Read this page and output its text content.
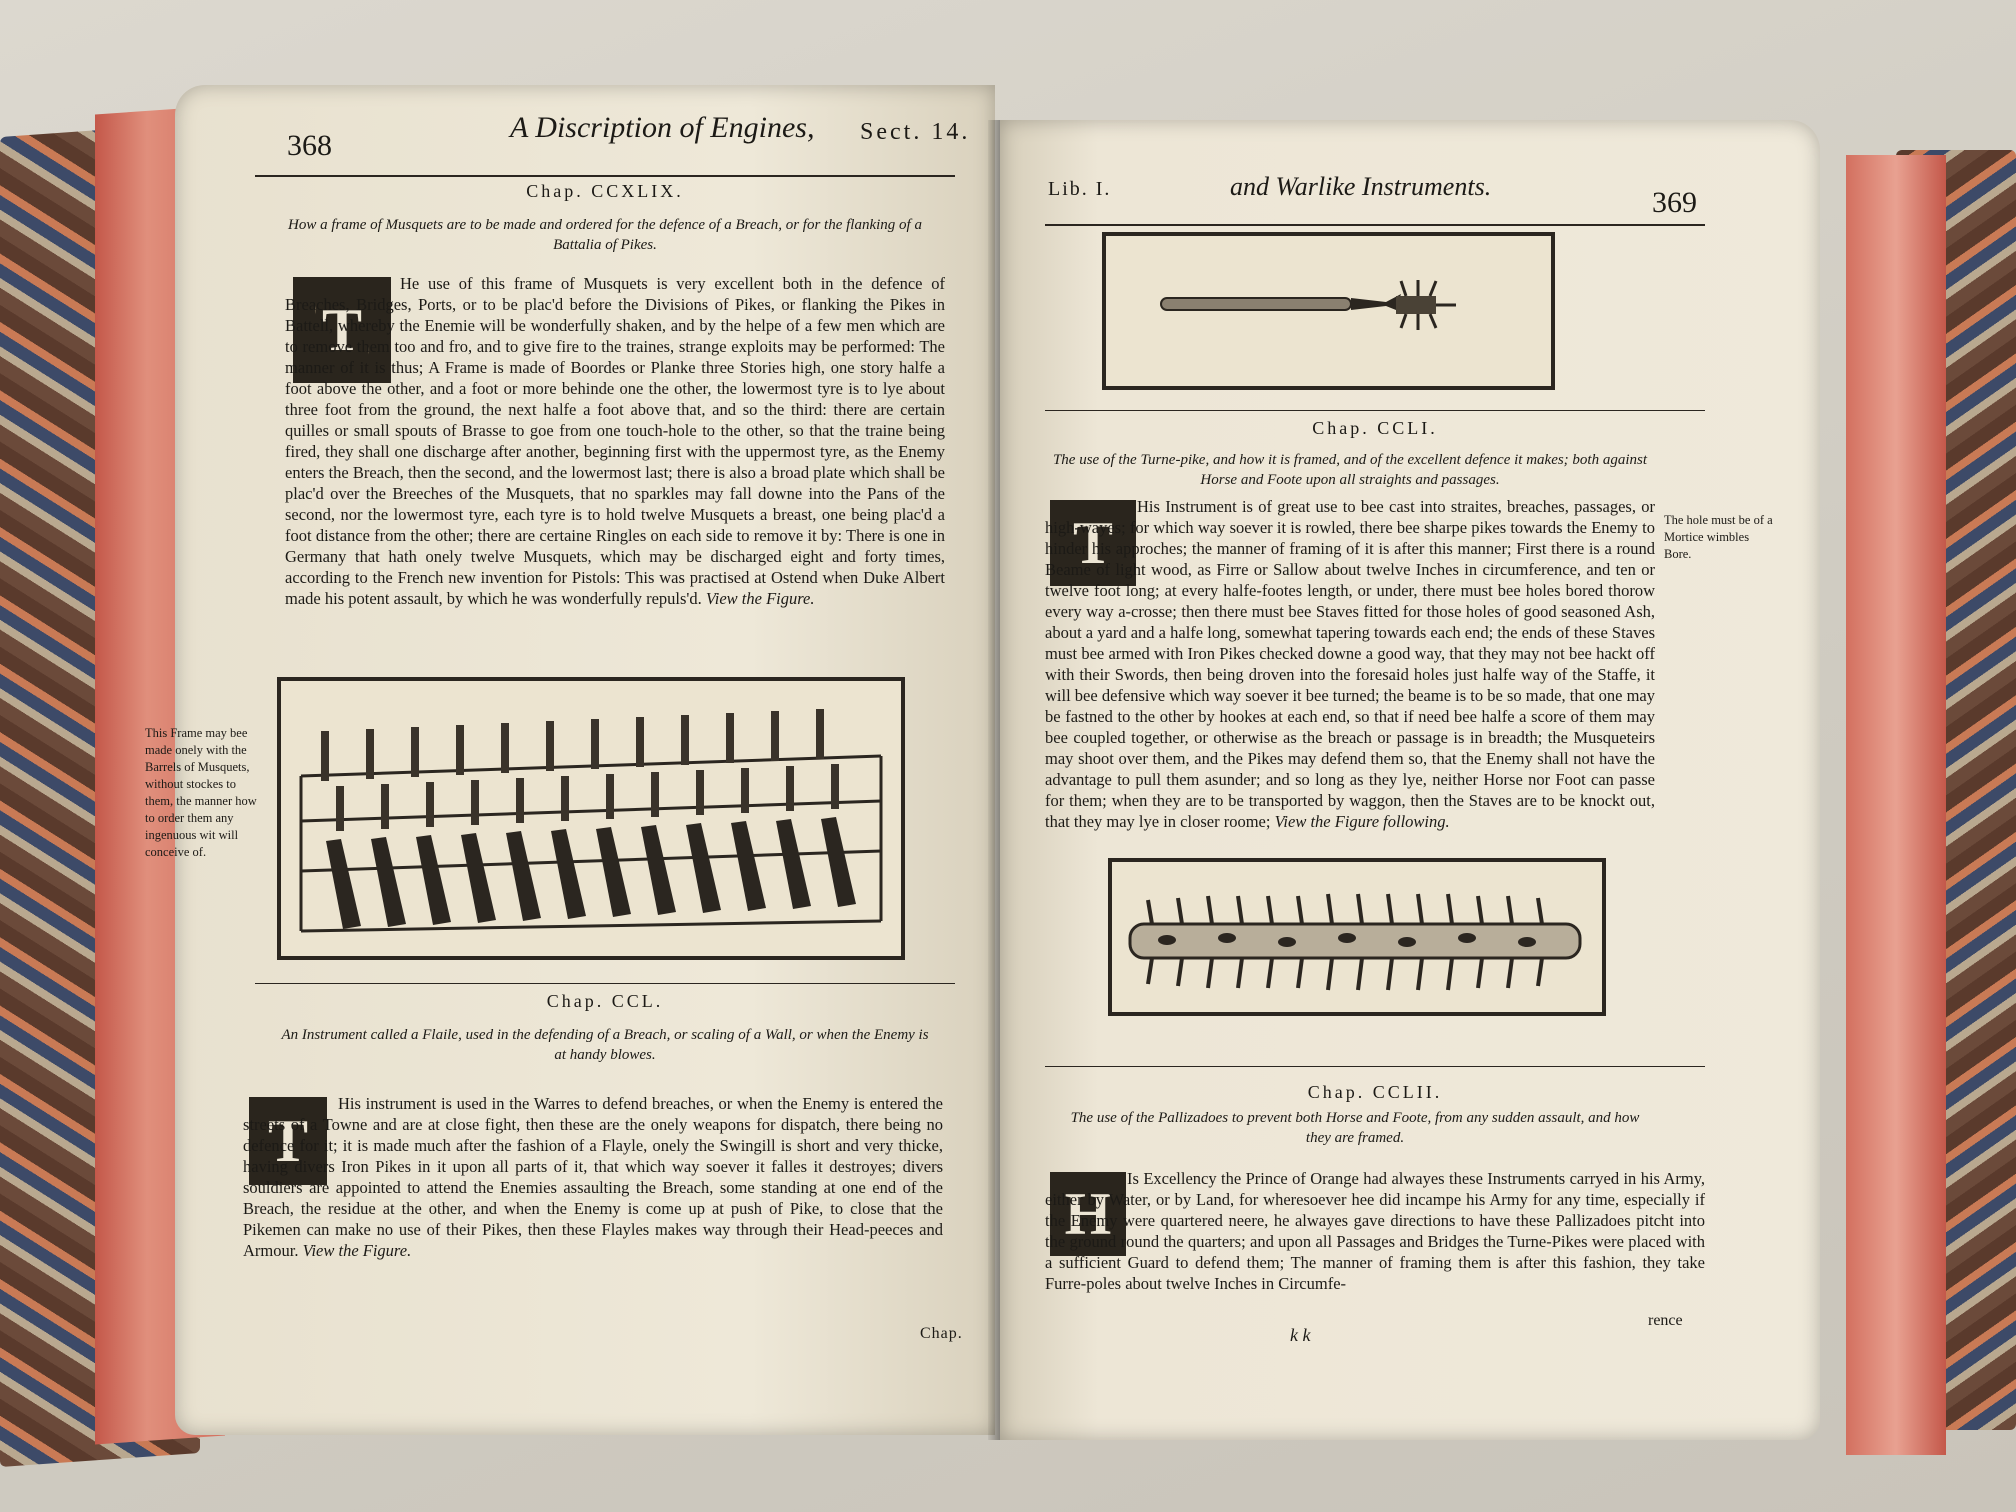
368
A Discription of Engines, Sect. 14.
Chap. CCXLIX.
How a frame of Musquets are to be made and ordered for the defence of a Breach, or for the flanking of a Battalia of Pikes.
T
He use of this frame of Musquets is very excellent both in the defence of Breaches, Bridges, Ports, or to be plac'd before the Divisions of Pikes, or flanking the Pikes in Battell, whereby the Enemie will be wonderfully shaken, and by the helpe of a few men which are to remove them too and fro, and to give fire to the traines, strange exploits may be performed: The manner of it is thus; A Frame is made of Boordes or Planke three Stories high, one story halfe a foot above the other, and a foot or more behinde one the other, the lowermost tyre is to lye about three foot from the ground, the next halfe a foot above that, and so the third: there are certain quilles or small spouts of Brasse to goe from one touch-hole to the other, so that the traine being fired, they shall one discharge after another, beginning first with the uppermost tyre, as the Enemy enters the Breach, then the second, and the lowermost last; there is also a broad plate which shall be plac'd over the Breeches of the Musquets, that no sparkles may fall downe into the Pans of the second, nor the lowermost tyre, each tyre is to hold twelve Musquets a breast, one being plac'd a foot distance from the other; there are certaine Ringles on each side to remove it by: There is one in Germany that hath onely twelve Musquets, which may be discharged eight and forty times, according to the French new invention for Pistols: This was practised at Ostend when Duke Albert made his potent assault, by which he was wonderfully repuls'd. View the Figure.
This Frame may bee made onely with the Barrels of Musquets, without stockes to them, the manner how to order them any ingenuous wit will conceive of.
Chap. CCL.
An Instrument called a Flaile, used in the defending of a Breach, or scaling of a Wall, or when the Enemy is at handy blowes.
T
His instrument is used in the Warres to defend breaches, or when the Enemy is entered the streets of a Towne and are at close fight, then these are the onely weapons for dispatch, there being no defence for it; it is made much after the fashion of a Flayle, onely the Swingill is short and very thicke, having divers Iron Pikes in it upon all parts of it, that which way soever it falles it destroyes; divers souldiers are appointed to attend the Enemies assaulting the Breach, some standing at one end of the Breach, the residue at the other, and when the Enemy is come up at push of Pike, to close that the Pikemen can make no use of their Pikes, then these Flayles makes way through their Head-peeces and Armour. View the Figure.
Chap.
Lib. I.	and Warlike Instruments.	369
Chap. CCLI.
The use of the Turne-pike, and how it is framed, and of the excellent defence it makes; both against Horse and Foote upon all straights and passages.
T
His Instrument is of great use to bee cast into straites, breaches, passages, or high-wayes; for which way soever it is rowled, there bee sharpe pikes towards the Enemy to hinder his approches; the manner of framing of it is after this manner; First there is a round Beame of light wood, as Firre or Sallow about twelve Inches in circumference, and ten or twelve foot long; at every halfe-footes length, or under, there must bee holes bored thorow every way a-crosse; then there must bee Staves fitted for those holes of good seasoned Ash, about a yard and a halfe long, somewhat tapering towards each end; the ends of these Staves must bee armed with Iron Pikes checked downe a good way, that they may not bee hackt off with their Swords, then being droven into the foresaid holes just halfe way of the Staffe, it will bee defensive which way soever it bee turned; the beame is to be so made, that one may be fastned to the other by hookes at each end, so that if need bee halfe a score of them may bee coupled together, or otherwise as the breach or passage is in breadth; the Musqueteirs may shoot over them, and the Pikes may defend them so, that the Enemy shall not have the advantage to pull them asunder; and so long as they lye, neither Horse nor Foot can passe for them; when they are to be transported by waggon, then the Staves are to be knockt out, that they may lye in closer roome; View the Figure following.
The hole must be of a Mortice wimbles Bore.
Chap. CCLII.
The use of the Pallizadoes to prevent both Horse and Foote, from any sudden assault, and how they are framed.
H
Is Excellency the Prince of Orange had alwayes these Instruments carryed in his Army, either by Water, or by Land, for wheresoever hee did incampe his Army for any time, especially if the Enemy were quartered neere, he alwayes gave directions to have these Pallizadoes pitcht into the ground round the quarters; and upon all Passages and Bridges the Turne-Pikes were placed with a sufficient Guard to defend them; The manner of framing them is after this fashion, they take Furre-poles about twelve Inches in Circumfe-
k k
rence
